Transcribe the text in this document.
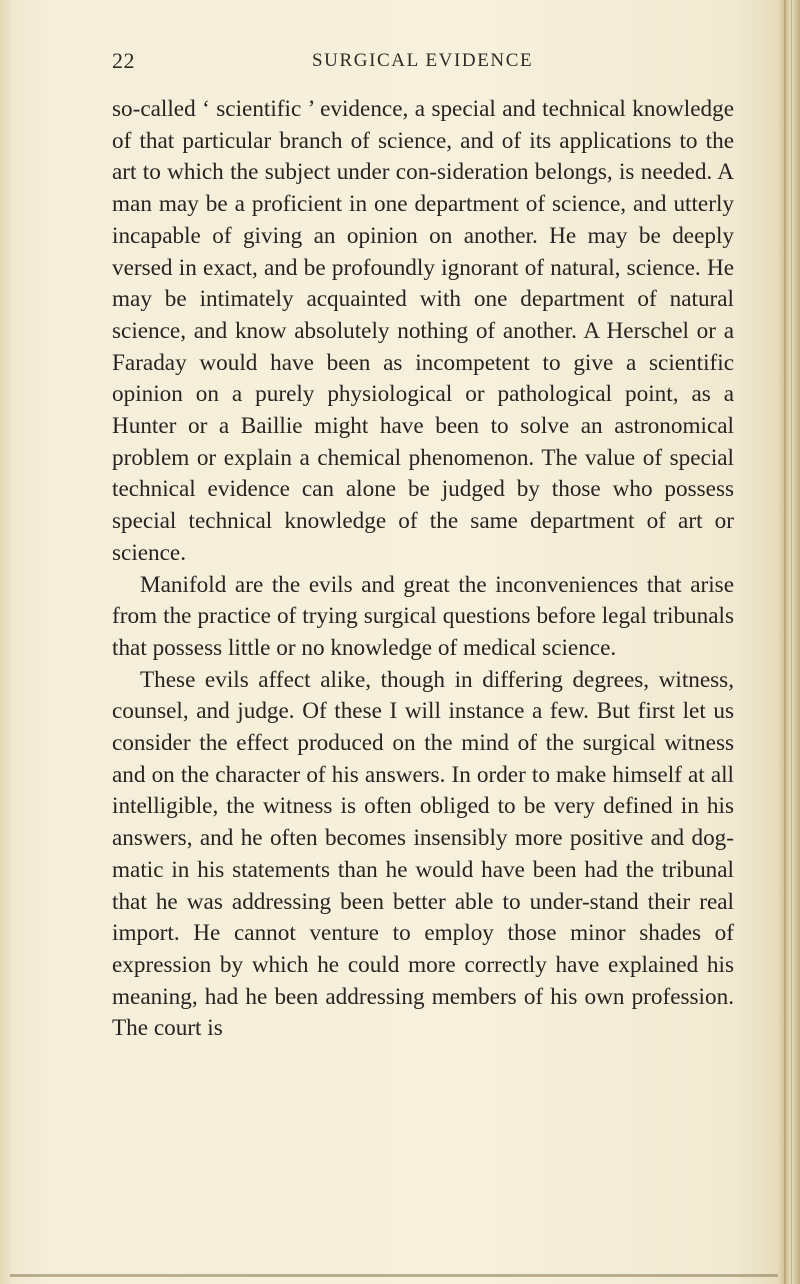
22	SURGICAL EVIDENCE

so-called ‘ scientific ’ evidence, a special and technical knowledge of that particular branch of science, and of its applications to the art to which the subject under con-sideration belongs, is needed. A man may be a proficient in one department of science, and utterly incapable of giving an opinion on another. He may be deeply versed in exact, and be profoundly ignorant of natural, science. He may be intimately acquainted with one department of natural science, and know absolutely nothing of another. A Herschel or a Faraday would have been as incompetent to give a scientific opinion on a purely physiological or pathological point, as a Hunter or a Baillie might have been to solve an astronomical problem or explain a chemical phenomenon. The value of special technical evidence can alone be judged by those who possess special technical knowledge of the same department of art or science.

Manifold are the evils and great the inconveniences that arise from the practice of trying surgical questions before legal tribunals that possess little or no knowledge of medical science.

These evils affect alike, though in differing degrees, witness, counsel, and judge. Of these I will instance a few. But first let us consider the effect produced on the mind of the surgical witness and on the character of his answers. In order to make himself at all intelligible, the witness is often obliged to be very defined in his answers, and he often becomes insensibly more positive and dog-matic in his statements than he would have been had the tribunal that he was addressing been better able to under-stand their real import. He cannot venture to employ those minor shades of expression by which he could more correctly have explained his meaning, had he been addressing members of his own profession. The court is
